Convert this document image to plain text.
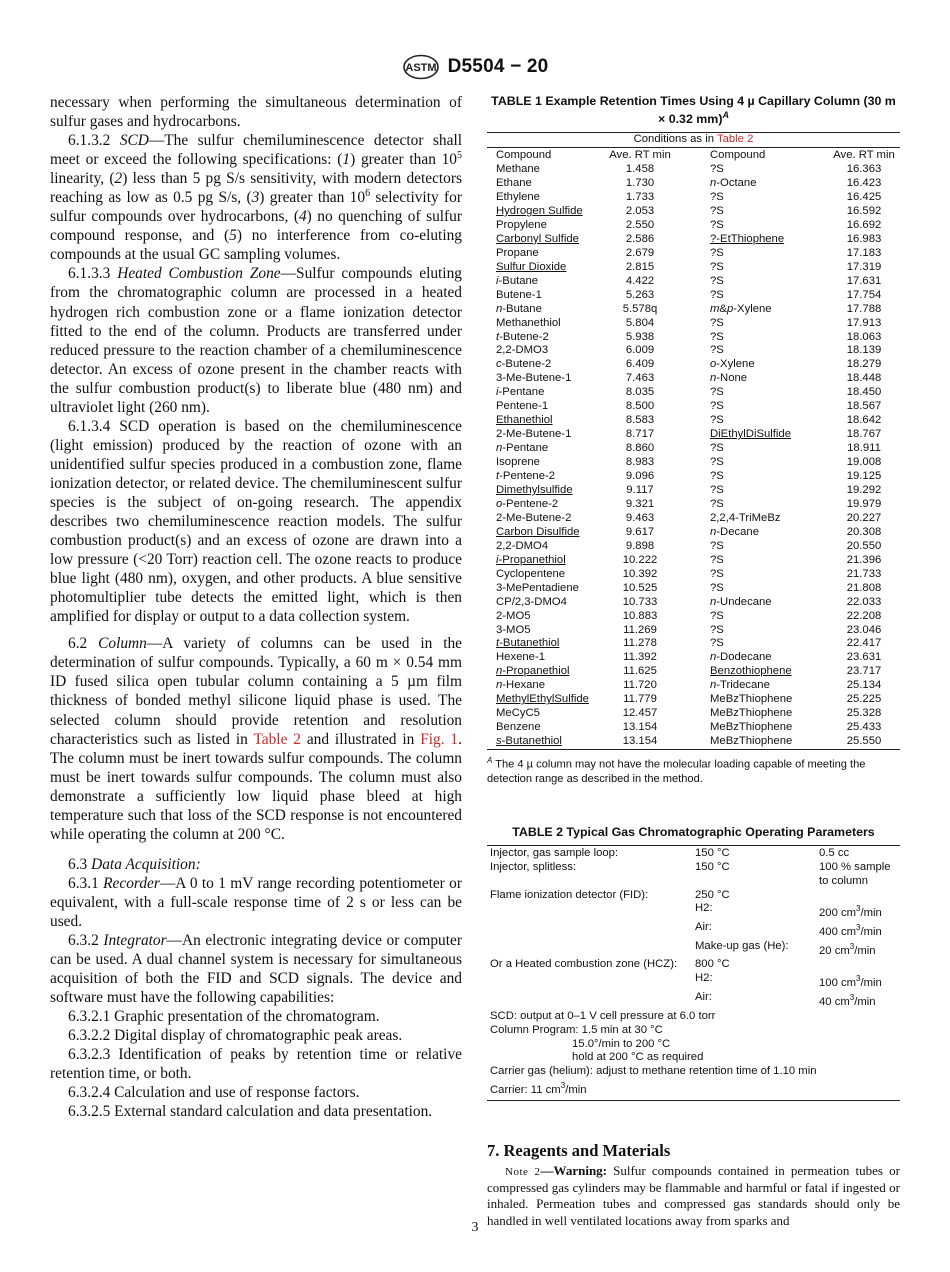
ASTM D5504 − 20

necessary when performing the simultaneous determination of sulfur gases and hydrocarbons.

6.1.3.2 SCD—The sulfur chemiluminescence detector shall meet or exceed the following specifications: (1) greater than $10^5$ linearity, (2) less than 5 pg S/s sensitivity, with modern detectors reaching as low as 0.5 pg S/s, (3) greater than $10^6$ selectivity for sulfur compounds over hydrocarbons, (4) no quenching of sulfur compound response, and (5) no interference from co-eluting compounds at the usual GC sampling volumes.

6.1.3.3 Heated Combustion Zone—Sulfur compounds eluting from the chromatographic column are processed in a heated hydrogen rich combustion zone or a flame ionization detector fitted to the end of the column. Products are transferred under reduced pressure to the reaction chamber of a chemiluminescence detector. An excess of ozone present in the chamber reacts with the sulfur combustion product(s) to liberate blue (480 nm) and ultraviolet light (260 nm).

6.1.3.4 SCD operation is based on the chemiluminescence (light emission) produced by the reaction of ozone with an unidentified sulfur species produced in a combustion zone, flame ionization detector, or related device. The chemiluminescent sulfur species is the subject of on-going research. The appendix describes two chemiluminescence reaction models. The sulfur combustion product(s) and an excess of ozone are drawn into a low pressure (<20 Torr) reaction cell. The ozone reacts to produce blue light (480 nm), oxygen, and other products. A blue sensitive photomultiplier tube detects the emitted light, which is then amplified for display or output to a data collection system.

6.2 Column—A variety of columns can be used in the determination of sulfur compounds. Typically, a 60 m × 0.54 mm ID fused silica open tubular column containing a 5 µm film thickness of bonded methyl silicone liquid phase is used. The selected column should provide retention and resolution characteristics such as listed in Table 2 and illustrated in Fig. 1. The column must be inert towards sulfur compounds. The column must be inert towards sulfur compounds. The column must also demonstrate a sufficiently low liquid phase bleed at high temperature such that loss of the SCD response is not encountered while operating the column at 200 °C.

6.3 Data Acquisition:

6.3.1 Recorder—A 0 to 1 mV range recording potentiometer or equivalent, with a full-scale response time of 2 s or less can be used.

6.3.2 Integrator—An electronic integrating device or computer can be used. A dual channel system is necessary for simultaneous acquisition of both the FID and SCD signals. The device and software must have the following capabilities:

6.3.2.1 Graphic presentation of the chromatogram.

6.3.2.2 Digital display of chromatographic peak areas.

6.3.2.3 Identification of peaks by retention time or relative retention time, or both.

6.3.2.4 Calculation and use of response factors.

6.3.2.5 External standard calculation and data presentation.

TABLE 1 Example Retention Times Using 4 µ Capillary Column (30 m × 0.32 mm)$^A$
Conditions as in Table 2			
Compound	Ave. RT min	Compound	Ave. RT min
Methane	1.458	?S	16.363
Ethane	1.730	n-Octane	16.423
Ethylene	1.733	?S	16.425
Hydrogen Sulfide	2.053	?S	16.592
Propylene	2.550	?S	16.692
Carbonyl Sulfide	2.586	?-EtThiophene	16.983
Propane	2.679	?S	17.183
Sulfur Dioxide	2.815	?S	17.319
i-Butane	4.422	?S	17.631
Butene-1	5.263	?S	17.754
n-Butane	5.578q	m&p-Xylene	17.788
Methanethiol	5.804	?S	17.913
t-Butene-2	5.938	?S	18.063
2,2-DMO3	6.009	?S	18.139
c-Butene-2	6.409	o-Xylene	18.279
3-Me-Butene-1	7.463	n-None	18.448
i-Pentane	8.035	?S	18.450
Pentene-1	8.500	?S	18.567
Ethanethiol	8.583	?S	18.642
2-Me-Butene-1	8.717	DiEthylDiSulfide	18.767
n-Pentane	8.860	?S	18.911
Isoprene	8.983	?S	19.008
t-Pentene-2	9.096	?S	19.125
Dimethylsulfide	9.117	?S	19.292
o-Pentene-2	9.321	?S	19.979
2-Me-Butene-2	9.463	2,2,4-TriMeBz	20.227
Carbon Disulfide	9.617	n-Decane	20.308
2,2-DMO4	9.898	?S	20.550
i-Propanethiol	10.222	?S	21.396
Cyclopentene	10.392	?S	21.733
3-MePentadiene	10.525	?S	21.808
CP/2,3-DMO4	10.733	n-Undecane	22.033
2-MO5	10.883	?S	22.208
3-MO5	11.269	?S	23.046
t-Butanethiol	11.278	?S	22.417
Hexene-1	11.392	n-Dodecane	23.631
n-Propanethiol	11.625	Benzothiophene	23.717
n-Hexane	11.720	n-Tridecane	25.134
MethylEthylSulfide	11.779	MeBzThiophene	25.225
MeCyC5	12.457	MeBzThiophene	25.328
Benzene	13.154	MeBzThiophene	25.433
s-Butanethiol	13.154	MeBzThiophene	25.550
$^A$ The 4 µ column may not have the molecular loading capable of meeting the detection range as described in the method.
TABLE 2 Typical Gas Chromatographic Operating Parameters
Injector, gas sample loop:	150 °C	0.5 cc
Injector, splitless:	150 °C	100 % sample to column
Flame ionization detector (FID):	250 °C	
	H2:	200 $cm^3/\min$
	Air:	400 $cm^3/\min$
	Make-up gas (He):	20 $cm^3/\min$
Or a Heated combustion zone (HCZ):	800 °C	
	H2:	100 $cm^3/\min$
	Air:	40 $cm^3/\min$
SCD: output at 0–1 V cell pressure at 6.0 torr		
Column Program: 1.5 min at 30 °C		
15.0°/min to 200 °C		
hold at 200 °C as required		
Carrier gas (helium): adjust to methane retention time of 1.10 min		
Carrier: 11 $cm^3/\min$		
7. Reagents and Materials
Note 2—Warning: Sulfur compounds contained in permeation tubes or compressed gas cylinders may be flammable and harmful or fatal if ingested or inhaled. Permeation tubes and compressed gas standards should only be handled in well ventilated locations away from sparks and
3
